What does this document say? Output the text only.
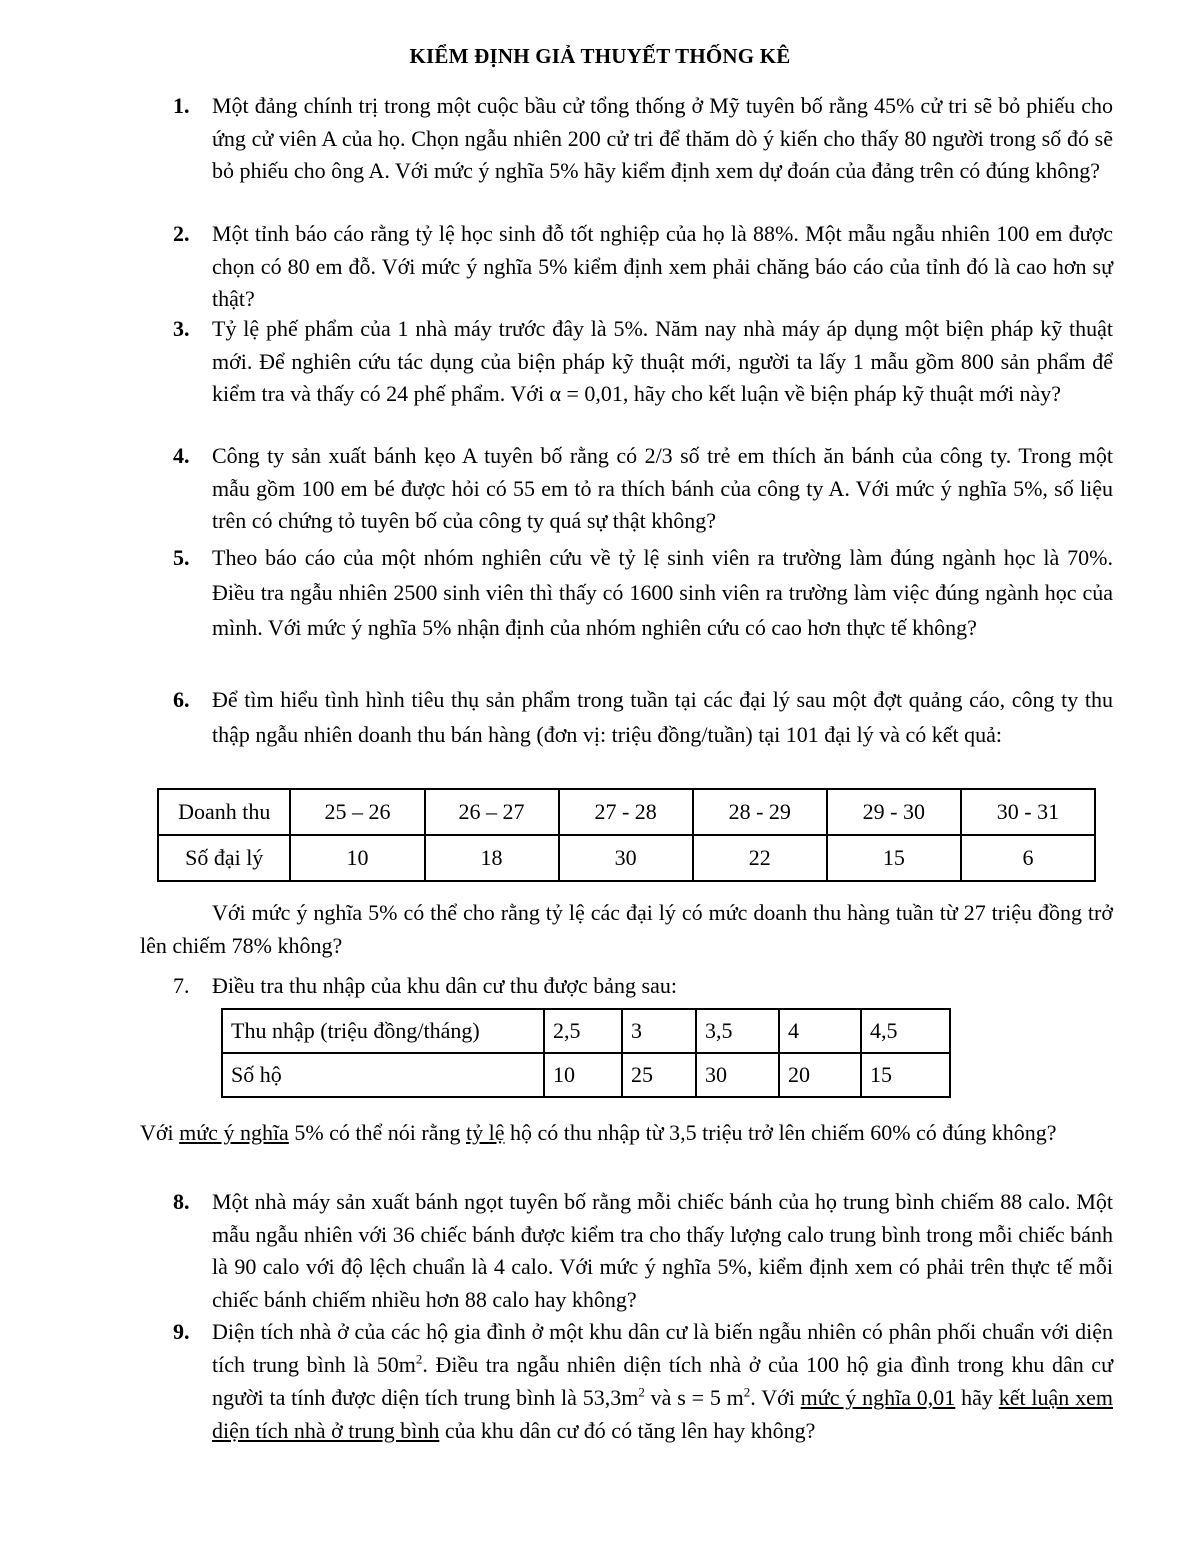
KIỂM ĐỊNH GIẢ THUYẾT THỐNG KÊ
1. Một đảng chính trị trong một cuộc bầu cử tổng thống ở Mỹ tuyên bố rằng 45% cử tri sẽ bỏ phiếu cho ứng cử viên A của họ. Chọn ngẫu nhiên 200 cử tri để thăm dò ý kiến cho thấy 80 người trong số đó sẽ bỏ phiếu cho ông A. Với mức ý nghĩa 5% hãy kiểm định xem dự đoán của đảng trên có đúng không?
2. Một tỉnh báo cáo rằng tỷ lệ học sinh đỗ tốt nghiệp của họ là 88%. Một mẫu ngẫu nhiên 100 em được chọn có 80 em đỗ. Với mức ý nghĩa 5% kiểm định xem phải chăng báo cáo của tỉnh đó là cao hơn sự thật?
3. Tỷ lệ phế phẩm của 1 nhà máy trước đây là 5%. Năm nay nhà máy áp dụng một biện pháp kỹ thuật mới. Để nghiên cứu tác dụng của biện pháp kỹ thuật mới, người ta lấy 1 mẫu gồm 800 sản phẩm để kiểm tra và thấy có 24 phế phẩm. Với α = 0,01, hãy cho kết luận về biện pháp kỹ thuật mới này?
4. Công ty sản xuất bánh kẹo A tuyên bố rằng có 2/3 số trẻ em thích ăn bánh của công ty. Trong một mẫu gồm 100 em bé được hỏi có 55 em tỏ ra thích bánh của công ty A. Với mức ý nghĩa 5%, số liệu trên có chứng tỏ tuyên bố của công ty quá sự thật không?
5. Theo báo cáo của một nhóm nghiên cứu về tỷ lệ sinh viên ra trường làm đúng ngành học là 70%. Điều tra ngẫu nhiên 2500 sinh viên thì thấy có 1600 sinh viên ra trường làm việc đúng ngành học của mình. Với mức ý nghĩa 5% nhận định của nhóm nghiên cứu có cao hơn thực tế không?
6. Để tìm hiểu tình hình tiêu thụ sản phẩm trong tuần tại các đại lý sau một đợt quảng cáo, công ty thu thập ngẫu nhiên doanh thu bán hàng (đơn vị: triệu đồng/tuần) tại 101 đại lý và có kết quả:
Doanh thu	25 – 26	26 – 27	27 - 28	28 - 29	29 - 30	30 - 31
Số đại lý	10	18	30	22	15	6
Với mức ý nghĩa 5% có thể cho rằng tỷ lệ các đại lý có mức doanh thu hàng tuần từ 27 triệu đồng trở lên chiếm 78% không?
7. Điều tra thu nhập của khu dân cư thu được bảng sau:
Thu nhập (triệu đồng/tháng)	2,5	3	3,5	4	4,5
Số hộ	10	25	30	20	15
Với mức ý nghĩa 5% có thể nói rằng tỷ lệ hộ có thu nhập từ 3,5 triệu trở lên chiếm 60% có đúng không?
8. Một nhà máy sản xuất bánh ngọt tuyên bố rằng mỗi chiếc bánh của họ trung bình chiếm 88 calo. Một mẫu ngẫu nhiên với 36 chiếc bánh được kiểm tra cho thấy lượng calo trung bình trong mỗi chiếc bánh là 90 calo với độ lệch chuẩn là 4 calo. Với mức ý nghĩa 5%, kiểm định xem có phải trên thực tế mỗi chiếc bánh chiếm nhiều hơn 88 calo hay không?
9. Diện tích nhà ở của các hộ gia đình ở một khu dân cư là biến ngẫu nhiên có phân phối chuẩn với diện tích trung bình là $50m^2$. Điều tra ngẫu nhiên diện tích nhà ở của 100 hộ gia đình trong khu dân cư người ta tính được diện tích trung bình là $53,3m^2$ và s = 5 $m^2$. Với mức ý nghĩa 0,01 hãy kết luận xem diện tích nhà ở trung bình của khu dân cư đó có tăng lên hay không?
